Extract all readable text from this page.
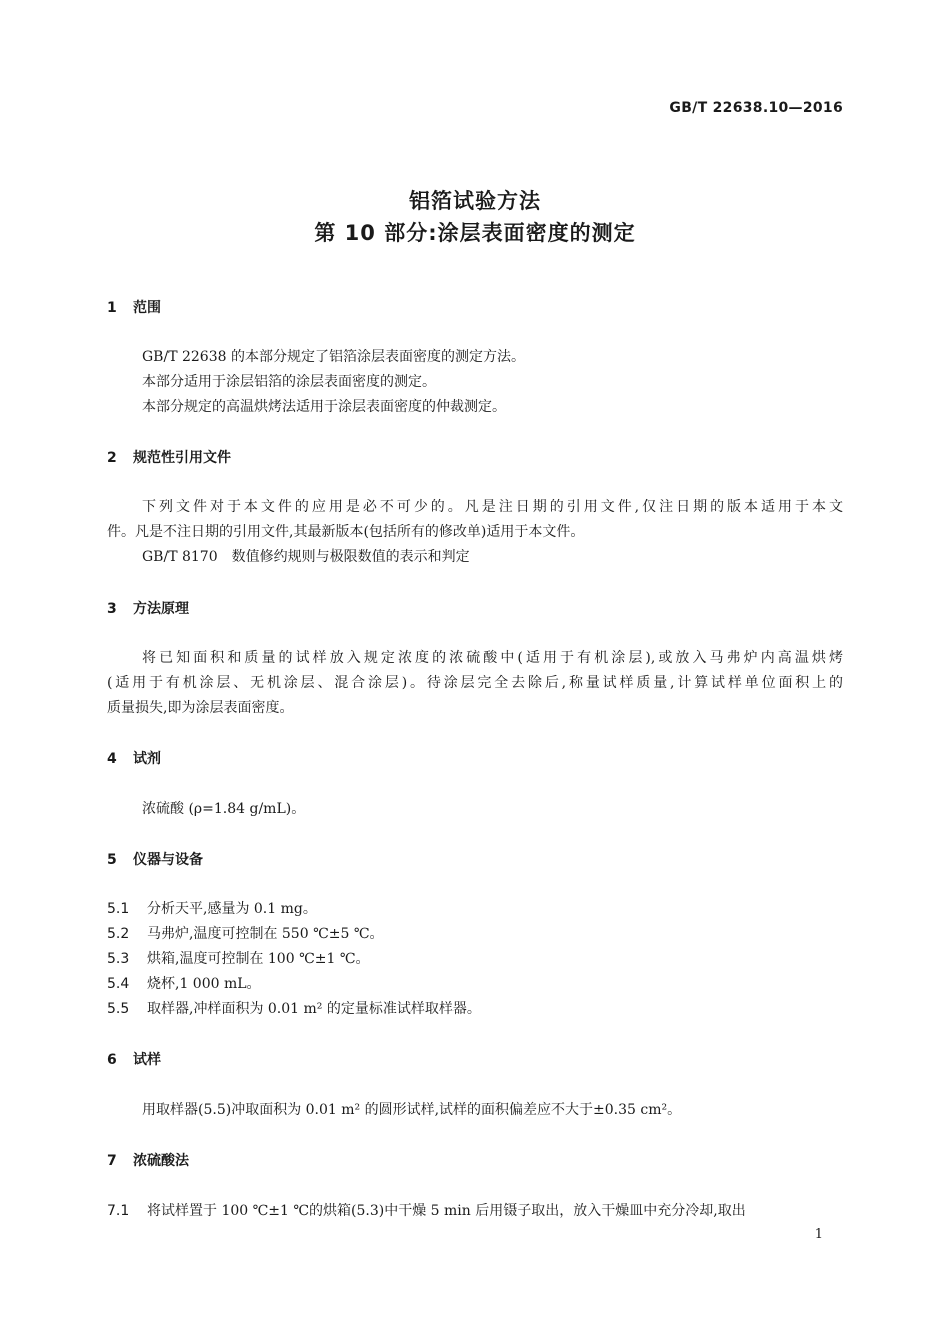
GB/T 22638.10—2016
铝箔试验方法
第 10 部分:涂层表面密度的测定
1 范围
GB/T 22638 的本部分规定了铝箔涂层表面密度的测定方法。
本部分适用于涂层铝箔的涂层表面密度的测定。
本部分规定的高温烘烤法适用于涂层表面密度的仲裁测定。
2 规范性引用文件
下列文件对于本文件的应用是必不可少的。凡是注日期的引用文件,仅注日期的版本适用于本文
件。凡是不注日期的引用文件,其最新版本(包括所有的修改单)适用于本文件。
GB/T 8170　数值修约规则与极限数值的表示和判定
3 方法原理
将已知面积和质量的试样放入规定浓度的浓硫酸中(适用于有机涂层),或放入马弗炉内高温烘烤
(适用于有机涂层、无机涂层、混合涂层)。待涂层完全去除后,称量试样质量,计算试样单位面积上的
质量损失,即为涂层表面密度。
4 试剂
浓硫酸 (ρ=1.84 g/mL)。
5 仪器与设备
5.1 分析天平,感量为 0.1 mg。
5.2 马弗炉,温度可控制在 550 ℃±5 ℃。
5.3 烘箱,温度可控制在 100 ℃±1 ℃。
5.4 烧杯,1 000 mL。
5.5 取样器,冲样面积为 0.01 m² 的定量标准试样取样器。
6 试样
用取样器(5.5)冲取面积为 0.01 m² 的圆形试样,试样的面积偏差应不大于±0.35 cm²。
7 浓硫酸法
7.1 将试样置于 100 ℃±1 ℃的烘箱(5.3)中干燥 5 min 后用镊子取出，放入干燥皿中充分冷却,取出
1
